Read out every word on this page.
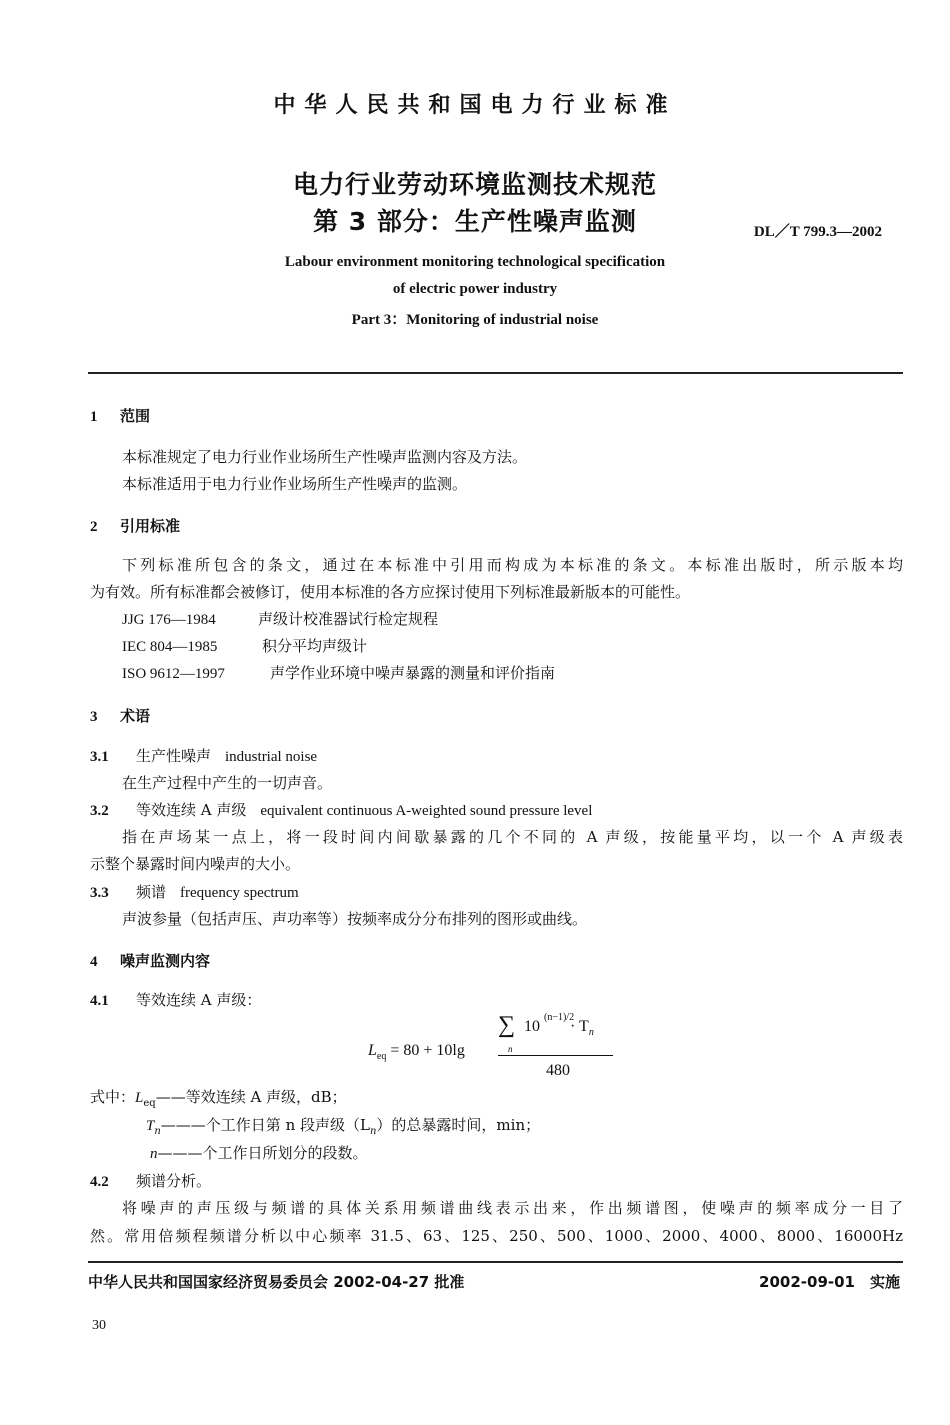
中华人民共和国电力行业标准
电力行业劳动环境监测技术规范
第 3 部分：生产性噪声监测	DL／T 799.3—2002
Labour environment monitoring technological specification
of electric power industry
Part 3：Monitoring of industrial noise
1 范围
本标准规定了电力行业作业场所生产性噪声监测内容及方法。
本标准适用于电力行业作业场所生产性噪声的监测。
2 引用标准
下列标准所包含的条文，通过在本标准中引用而构成为本标准的条文。本标准出版时，所示版本均
为有效。所有标准都会被修订，使用本标准的各方应探讨使用下列标准最新版本的可能性。
JJG 176—1984	声级计校准器试行检定规程
IEC 804—1985	积分平均声级计
ISO 9612—1997	声学作业环境中噪声暴露的测量和评价指南
3 术语
3.1 生产性噪声 industrial noise
在生产过程中产生的一切声音。
3.2 等效连续 A 声级 equivalent continuous A-weighted sound pressure level
指在声场某一点上，将一段时间内间歇暴露的几个不同的 A 声级，按能量平均，以一个 A 声级表
示整个暴露时间内噪声的大小。
3.3 频谱 frequency spectrum
声波参量（包括声压、声功率等）按频率成分分布排列的图形或曲线。
4 噪声监测内容
4.1 等效连续 A 声级：
$L_{eq} = 80 + 10\lg$
∑
n
$10 \cdot T_n$
(n−1)/2
480
式中：$L_{eq}——$等效连续 A 声级，dB；
$T_n———$个工作日第 n 段声级$(L_n)$的总暴露时间，min；
n———个工作日所划分的段数。
4.2 频谱分析。
将噪声的声压级与频谱的具体关系用频谱曲线表示出来，作出频谱图，使噪声的频率成分一目了
然。常用倍频程频谱分析以中心频率 31.5、63、125、250、500、1000、2000、4000、8000、16000Hz
中华人民共和国国家经济贸易委员会 2002-04-27 批准	2002-09-01　实施
30
